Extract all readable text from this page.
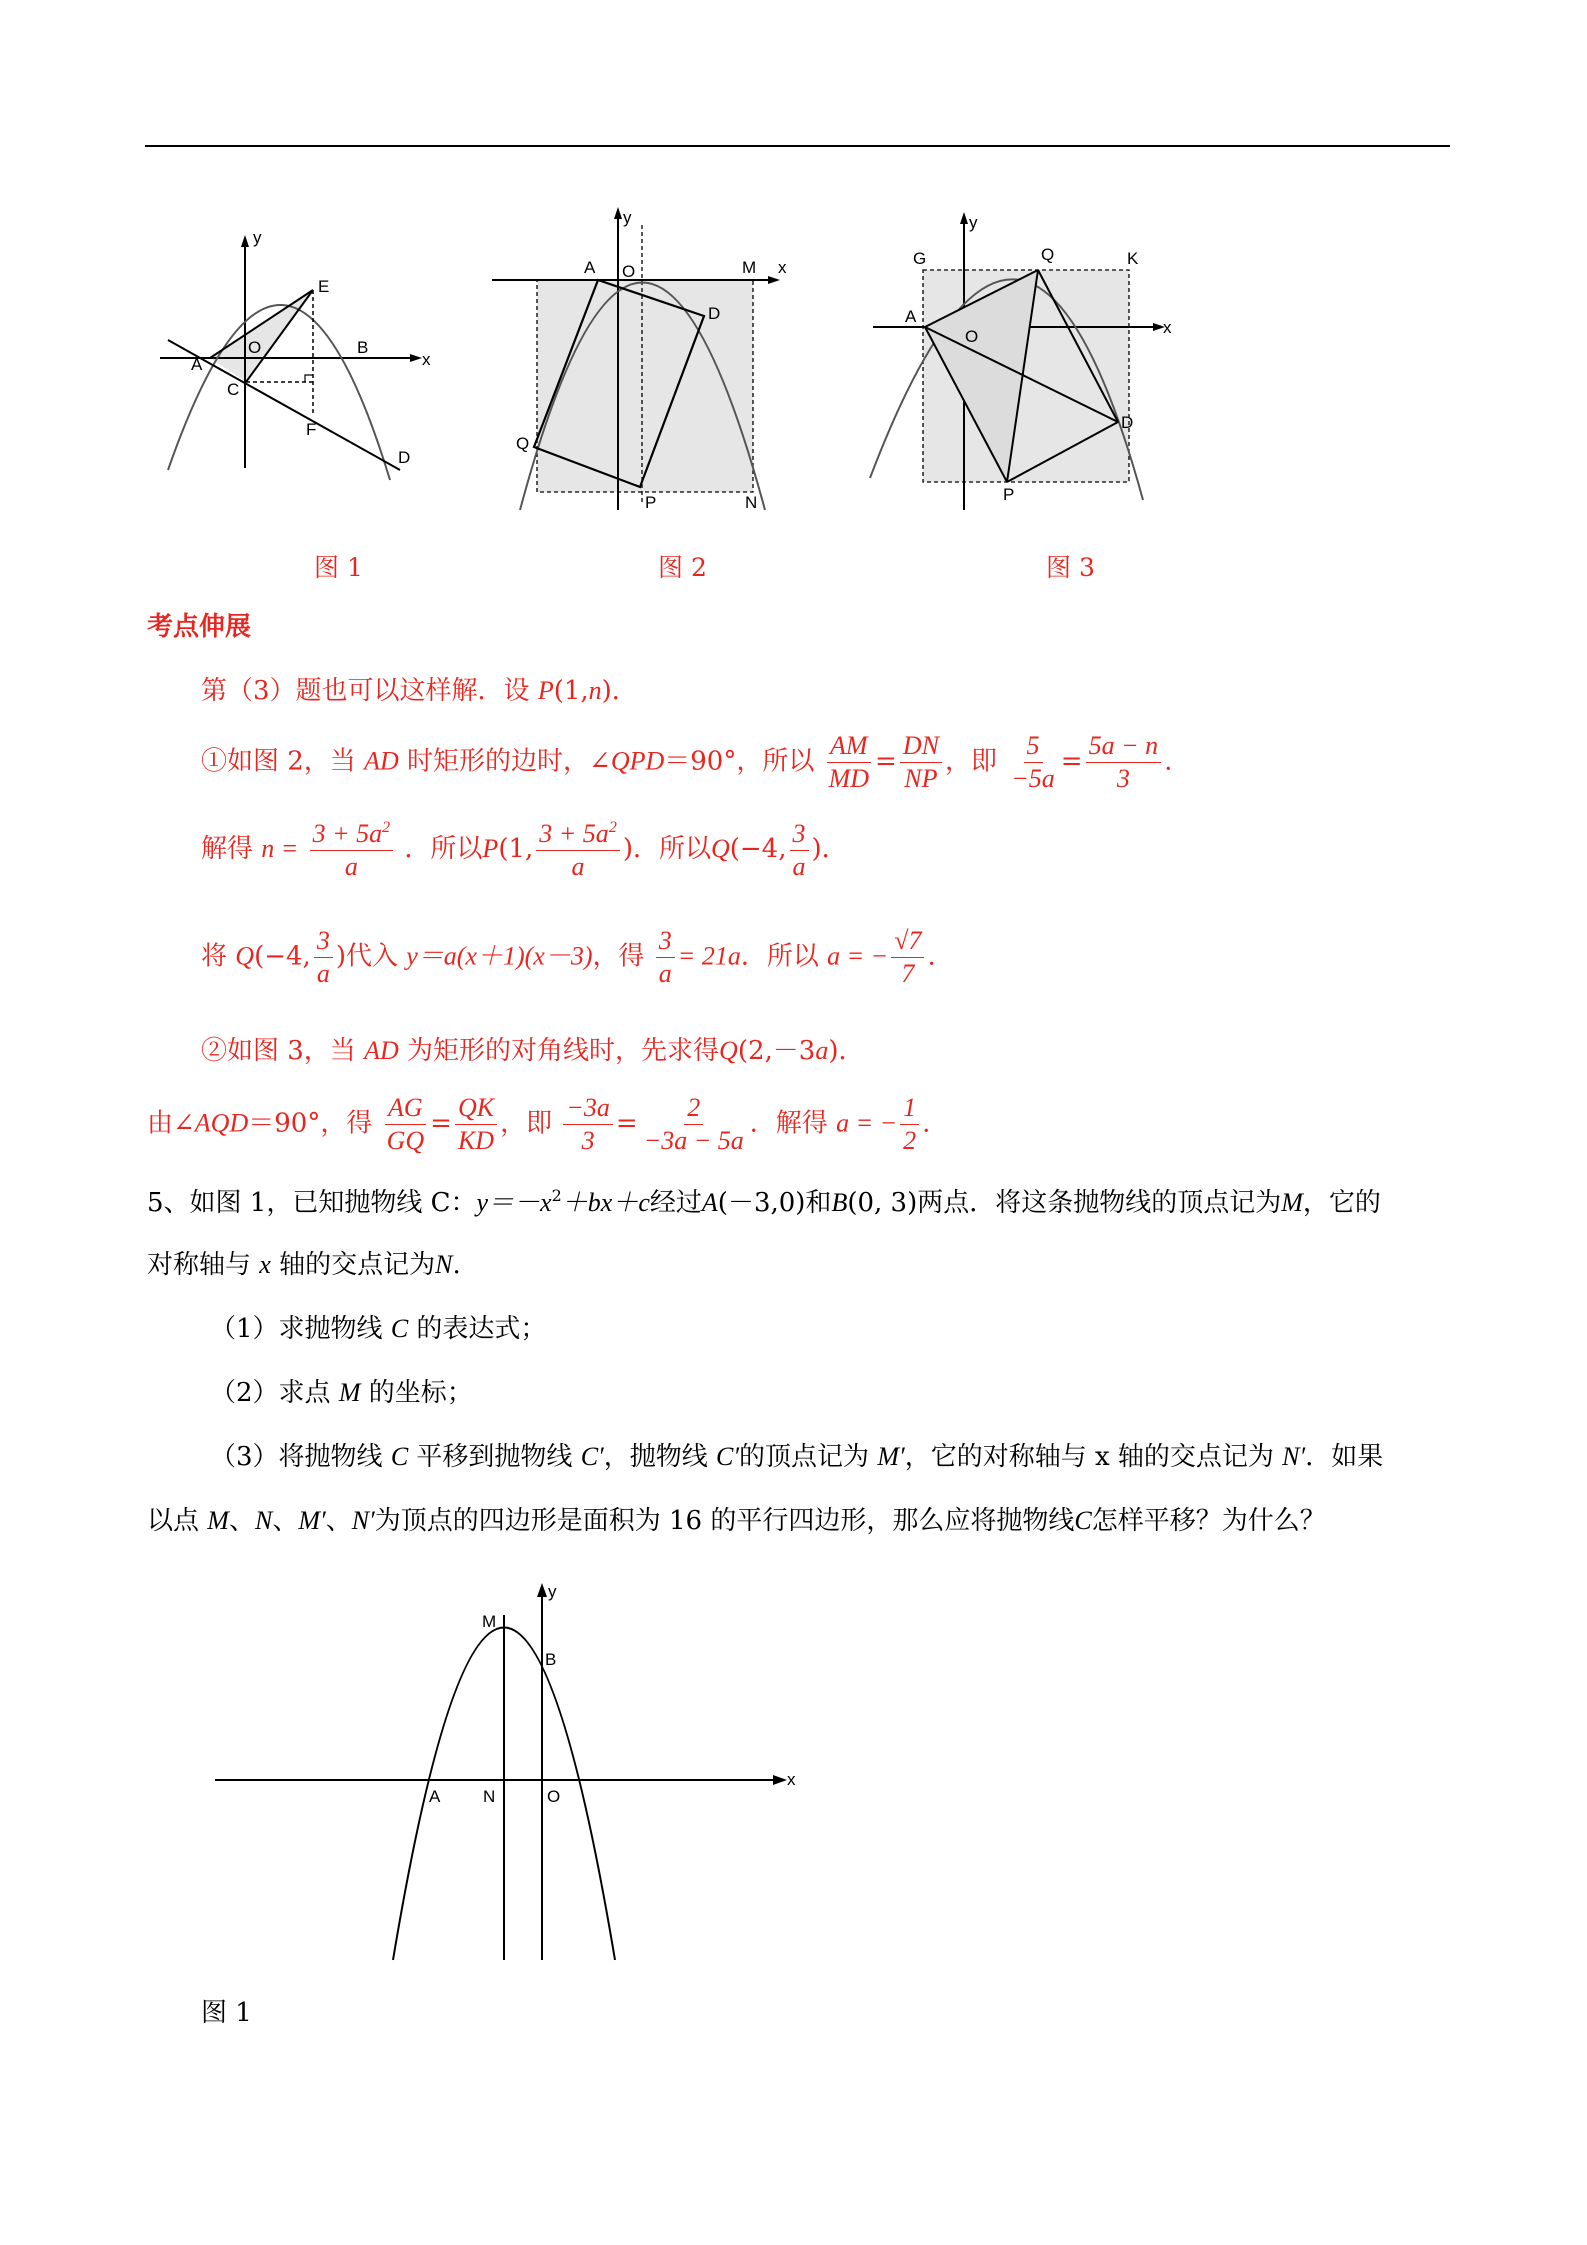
y
x
E
O	B
A
C
F
D
y
x
A O	M
D
Q
P	N
y
x
G	Q	K
A
O
D
P
图 1	图 2	图 3
考点伸展
第（3）题也可以这样解．设 P(1,n)．
①如图 2，当 AD 时矩形的边时，∠QPD＝90°，所以 $\frac{AM}{MD} = \frac{DN}{NP}$ ，即 $\frac{5}{-5a} = \frac{5a - n}{3}$ .
解得 $n = \frac{3 + 5a^2}{a}$ ．所以P(1, $\frac{3 + 5a^2}{a}$ )．所以Q(−4, $\frac{3}{a}$ )．
将 Q(−4, $\frac{3}{a}$ )代入 y＝a(x＋1)(x－3)，得 $\frac{3}{a} = 21a$．所以 a = − $\frac{√7}{7}$ .
②如图 3，当 AD 为矩形的对角线时，先求得Q(2,－3a)．
由∠AQD＝90°，得 $\frac{AG}{GQ} = \frac{QK}{KD}$ ，即 $\frac{-3a}{3} = \frac{2}{-3a - 5a}$ ．解得 a = − $\frac{1}{2}$ .
5、如图 1，已知抛物线 C：$y=-x^2+bx+c$经过A(－3,0)和B(0, 3)两点．将这条抛物线的顶点记为M，它的
对称轴与 x 轴的交点记为N.
（1）求抛物线 C 的表达式；
（2）求点 M 的坐标；
（3）将抛物线 C 平移到抛物线 C′，抛物线 C′的顶点记为 M′，它的对称轴与 x 轴的交点记为 N′．如果
以点 M、N、M′、N′为顶点的四边形是面积为 16 的平行四边形，那么应将抛物线C怎样平移？为什么？
y
x
M
B
A	N	O
图 1
